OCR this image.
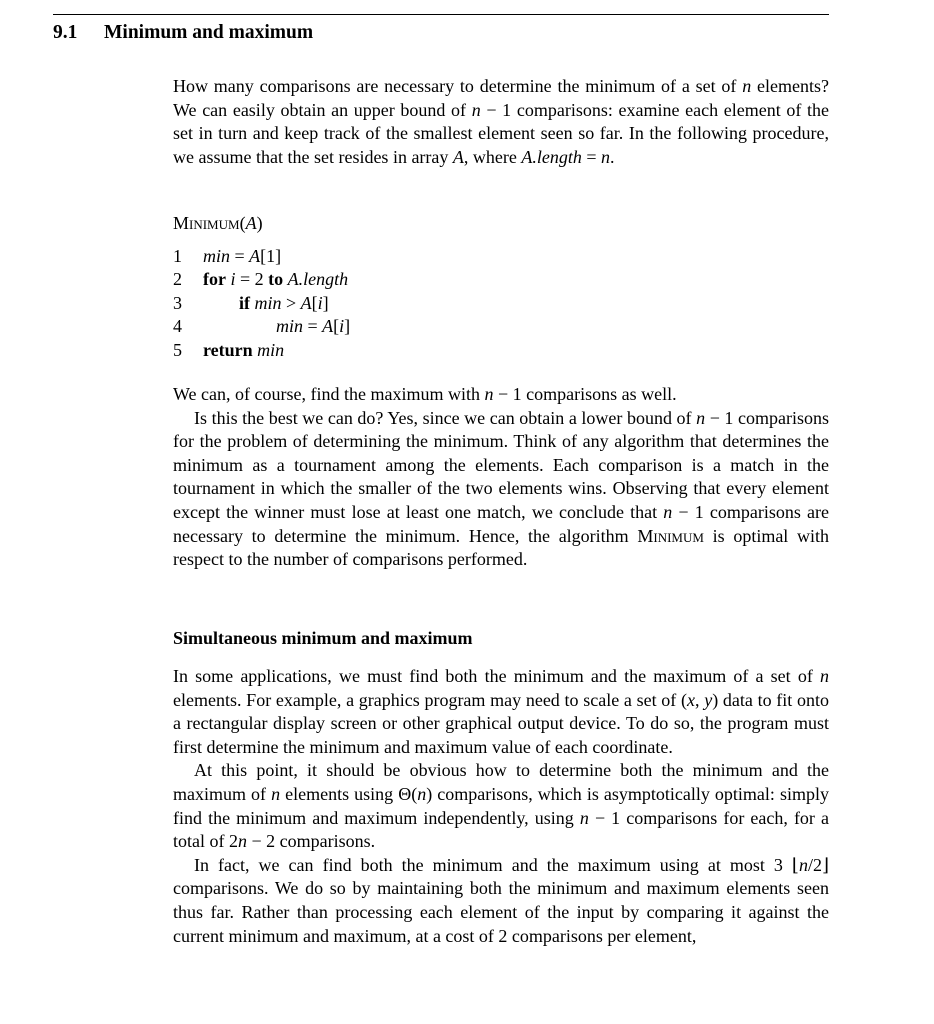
9.1 Minimum and maximum

How many comparisons are necessary to determine the minimum of a set of n elements? We can easily obtain an upper bound of n − 1 comparisons: examine each element of the set in turn and keep track of the smallest element seen so far. In the following procedure, we assume that the set resides in array A, where A.length = n.

Minimum(A)
1 min = A[1]
2 for i = 2 to A.length
3	if min > A[i]
4	min = A[i]
5 return min

We can, of course, find the maximum with n − 1 comparisons as well.

Is this the best we can do? Yes, since we can obtain a lower bound of n − 1 comparisons for the problem of determining the minimum. Think of any algorithm that determines the minimum as a tournament among the elements. Each comparison is a match in the tournament in which the smaller of the two elements wins. Observing that every element except the winner must lose at least one match, we conclude that n − 1 comparisons are necessary to determine the minimum. Hence, the algorithm Minimum is optimal with respect to the number of comparisons performed.

Simultaneous minimum and maximum

In some applications, we must find both the minimum and the maximum of a set of n elements. For example, a graphics program may need to scale a set of (x, y) data to fit onto a rectangular display screen or other graphical output device. To do so, the program must first determine the minimum and maximum value of each coordinate.

At this point, it should be obvious how to determine both the minimum and the maximum of n elements using Θ(n) comparisons, which is asymptotically optimal: simply find the minimum and maximum independently, using n − 1 comparisons for each, for a total of 2n − 2 comparisons.

In fact, we can find both the minimum and the maximum using at most 3 ⌊n/2⌋ comparisons. We do so by maintaining both the minimum and maximum elements seen thus far. Rather than processing each element of the input by comparing it against the current minimum and maximum, at a cost of 2 comparisons per element,
